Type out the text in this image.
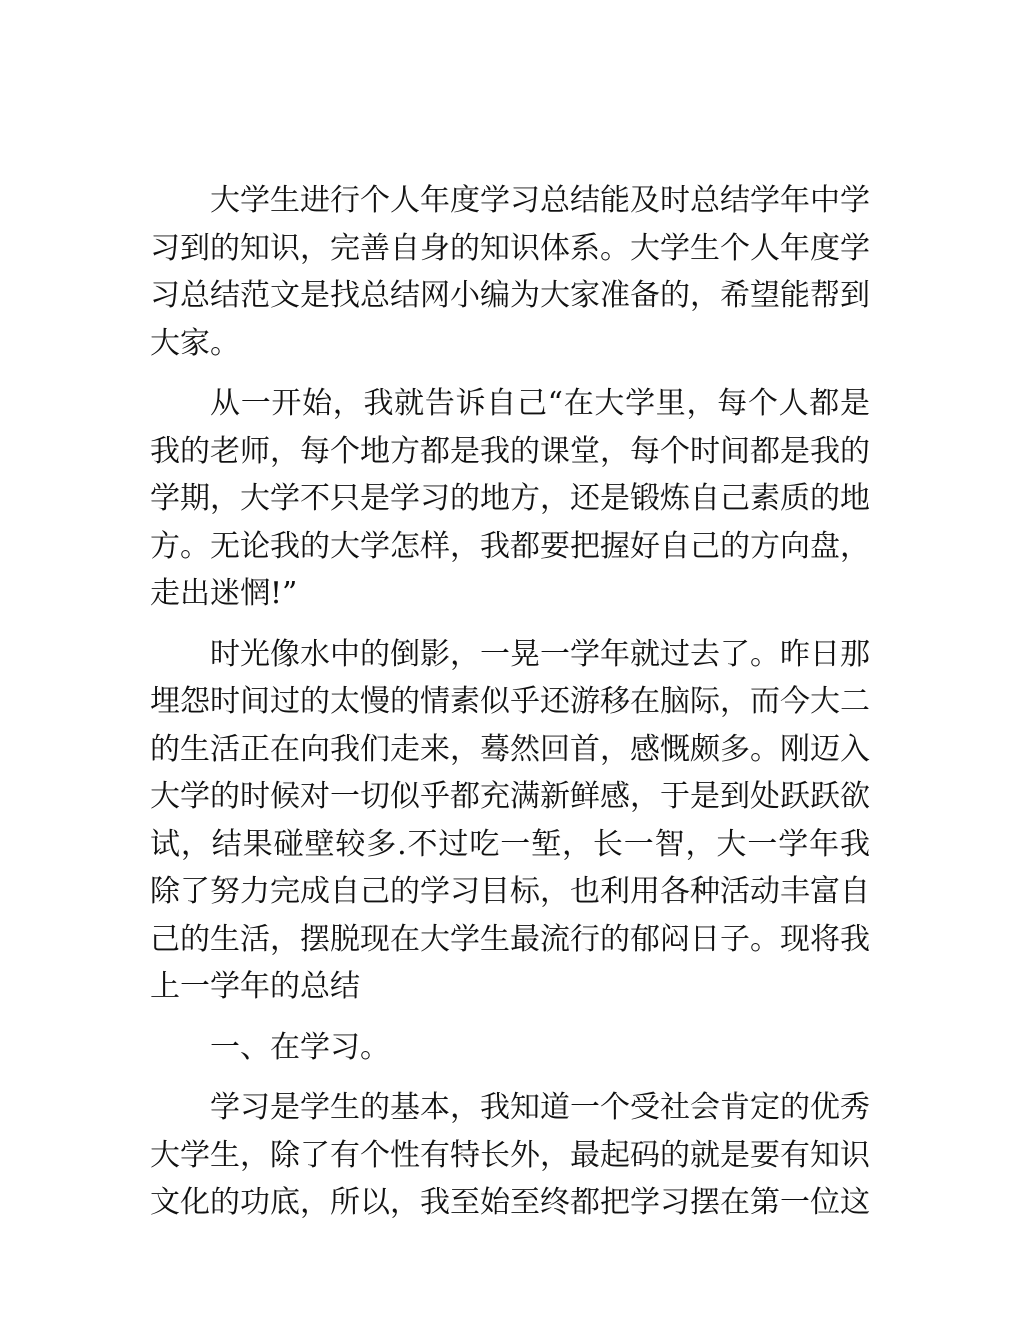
大学生进行个人年度学习总结能及时总结学年中学
习到的知识，完善自身的知识体系。大学生个人年度学
习总结范文是找总结网小编为大家准备的，希望能帮到
大家。
从一开始，我就告诉自己“在大学里，每个人都是
我的老师，每个地方都是我的课堂，每个时间都是我的
学期，大学不只是学习的地方，还是锻炼自己素质的地
方。无论我的大学怎样，我都要把握好自己的方向盘，
走出迷惘!”
时光像水中的倒影，一晃一学年就过去了。昨日那
埋怨时间过的太慢的情素似乎还游移在脑际，而今大二
的生活正在向我们走来，蓦然回首，感慨颇多。刚迈入
大学的时候对一切似乎都充满新鲜感，于是到处跃跃欲
试，结果碰壁较多.不过吃一堑，长一智，大一学年我
除了努力完成自己的学习目标，也利用各种活动丰富自
己的生活，摆脱现在大学生最流行的郁闷日子。现将我
上一学年的总结
一、在学习。
学习是学生的基本，我知道一个受社会肯定的优秀
大学生，除了有个性有特长外，最起码的就是要有知识
文化的功底，所以，我至始至终都把学习摆在第一位这
